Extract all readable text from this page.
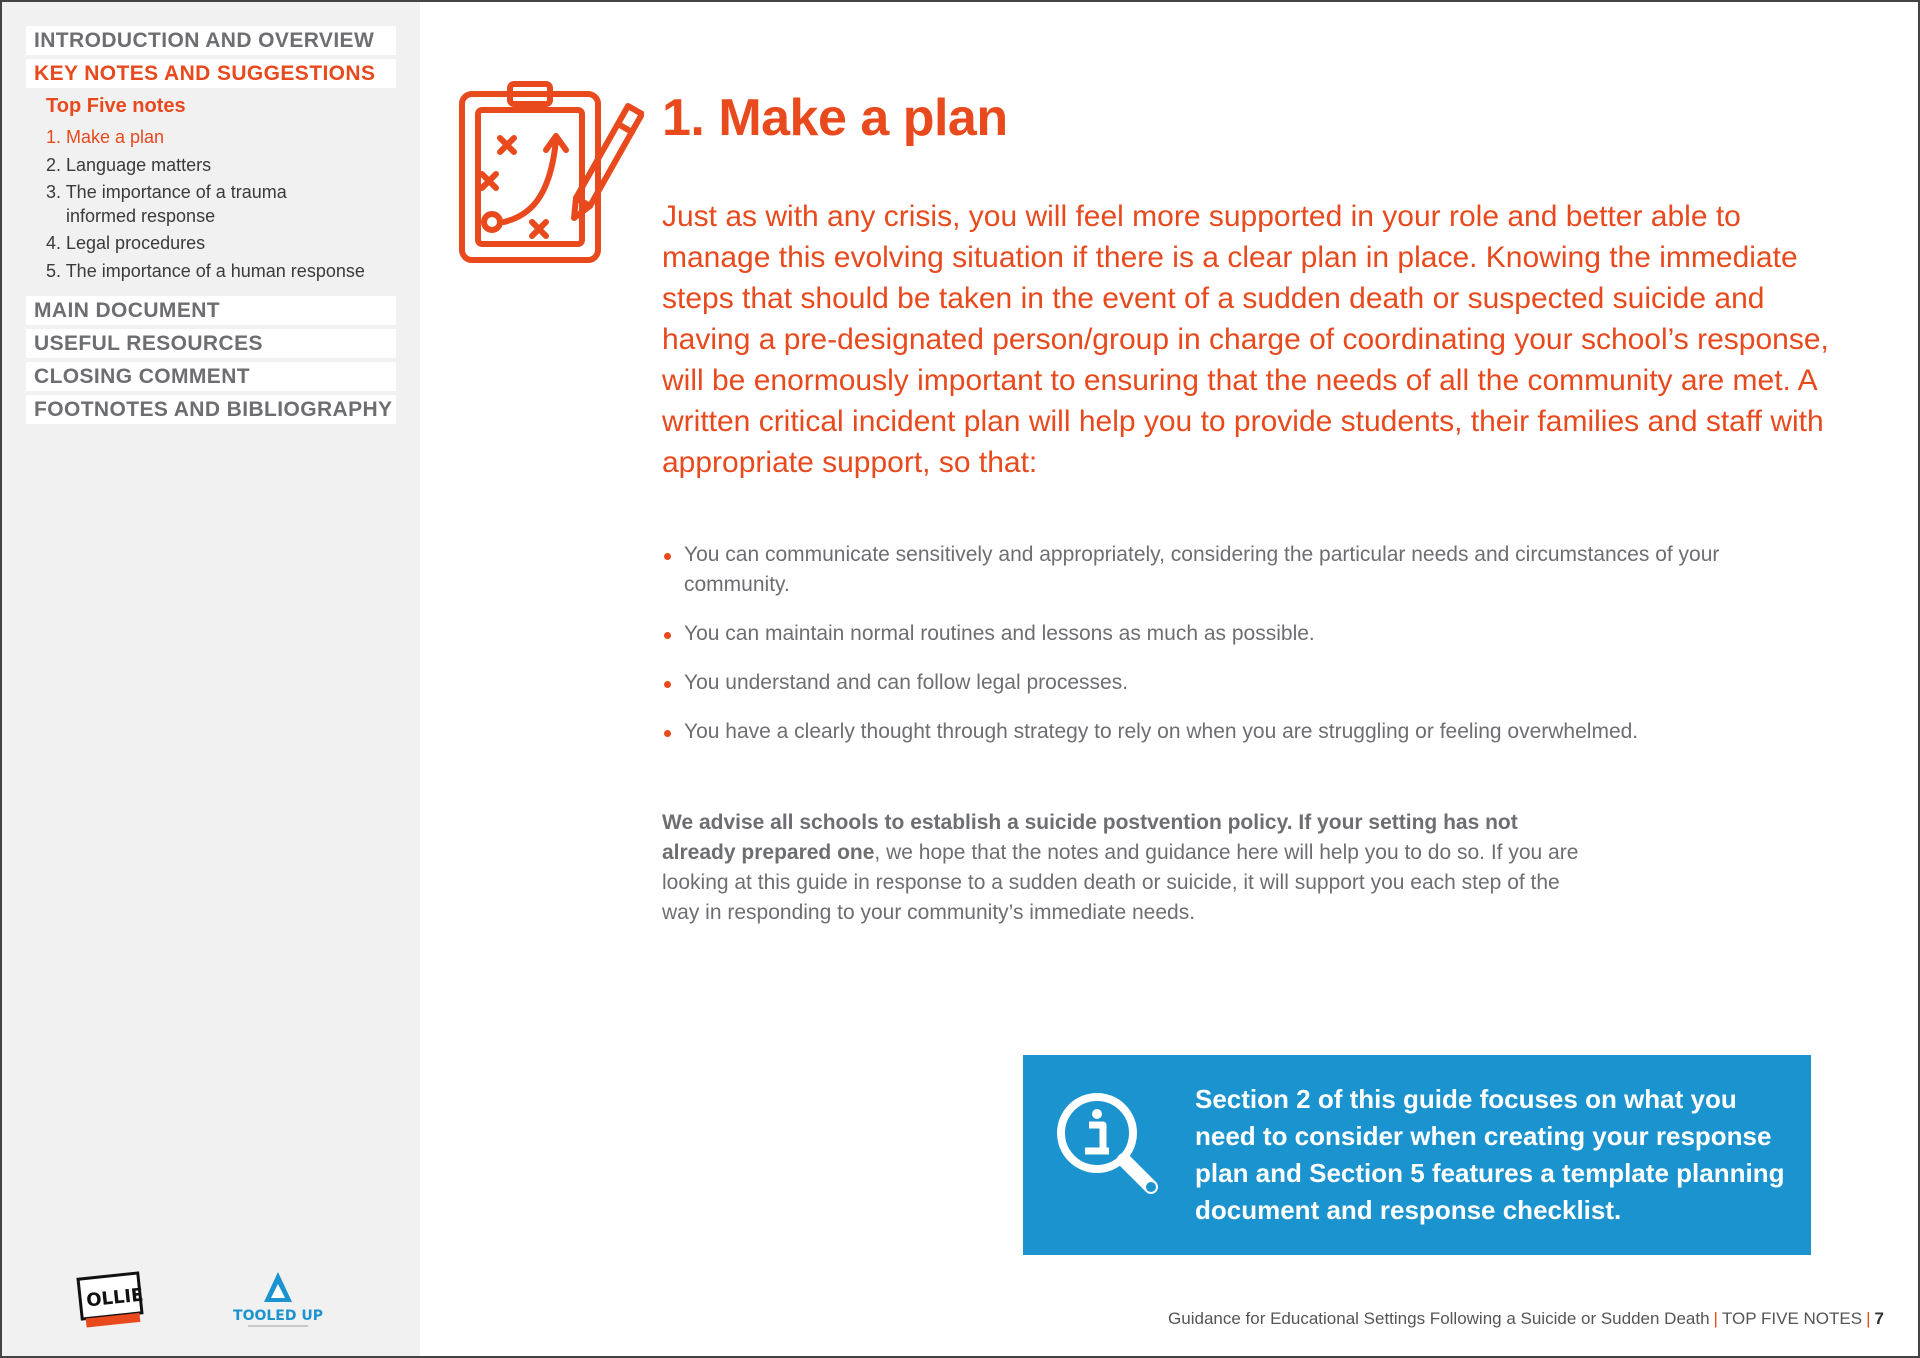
INTRODUCTION AND OVERVIEW
KEY NOTES AND SUGGESTIONS
Top Five notes
1. Make a plan
2. Language matters
3. The importance of a trauma
informed response
4. Legal procedures
5. The importance of a human response
MAIN DOCUMENT
USEFUL RESOURCES
CLOSING COMMENT
FOOTNOTES AND BIBLIOGRAPHY
OLLIE
TOOLED UP
1. Make a plan

Just as with any crisis, you will feel more supported in your role and better able to manage this evolving situation if there is a clear plan in place. Knowing the immediate steps that should be taken in the event of a sudden death or suspected suicide and having a pre-designated person/group in charge of coordinating your school’s response, will be enormously important to ensuring that the needs of all the community are met. A written critical incident plan will help you to provide students, their families and staff with appropriate support, so that:

You can communicate sensitively and appropriately, considering the particular needs and circumstances of your community.
You can maintain normal routines and lessons as much as possible.
You understand and can follow legal processes.
You have a clearly thought through strategy to rely on when you are struggling or feeling overwhelmed.

We advise all schools to establish a suicide postvention policy. If your setting has not already prepared one, we hope that the notes and guidance here will help you to do so. If you are looking at this guide in response to a sudden death or suicide, it will support you each step of the way in responding to your community’s immediate needs.

Section 2 of this guide focuses on what you need to consider when creating your response plan and Section 5 features a template planning document and response checklist.

Guidance for Educational Settings Following a Suicide or Sudden Death | TOP FIVE NOTES | 7
